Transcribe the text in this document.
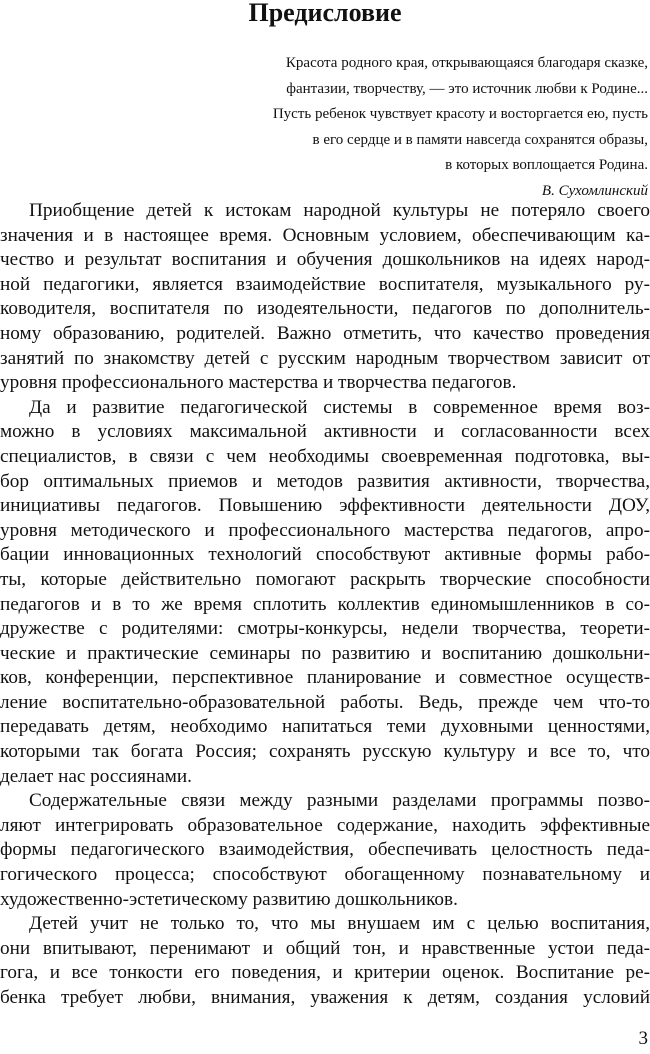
Предисловие
Красота родного края, открывающаяся благодаря сказке,
фантазии, творчеству, — это источник любви к Родине...
Пусть ребенок чувствует красоту и восторгается ею, пусть
в его сердце и в памяти навсегда сохранятся образы,
в которых воплощается Родина.
В. Сухомлинский
Приобщение детей к истокам народной культуры не потеряло своего
значения и в настоящее время. Основным условием, обеспечивающим ка-
чество и результат воспитания и обучения дошкольников на идеях народ-
ной педагогики, является взаимодействие воспитателя, музыкального ру-
ководителя, воспитателя по изодеятельности, педагогов по дополнитель-
ному образованию, родителей. Важно отметить, что качество проведения
занятий по знакомству детей с русским народным творчеством зависит от
уровня профессионального мастерства и творчества педагогов.
Да и развитие педагогической системы в современное время воз-
можно в условиях максимальной активности и согласованности всех
специалистов, в связи с чем необходимы своевременная подготовка, вы-
бор оптимальных приемов и методов развития активности, творчества,
инициативы педагогов. Повышению эффективности деятельности ДОУ,
уровня методического и профессионального мастерства педагогов, апро-
бации инновационных технологий способствуют активные формы рабо-
ты, которые действительно помогают раскрыть творческие способности
педагогов и в то же время сплотить коллектив единомышленников в со-
дружестве с родителями: смотры-конкурсы, недели творчества, теорети-
ческие и практические семинары по развитию и воспитанию дошкольни-
ков, конференции, перспективное планирование и совместное осуществ-
ление воспитательно-образовательной работы. Ведь, прежде чем что-то
передавать детям, необходимо напитаться теми духовными ценностями,
которыми так богата Россия; сохранять русскую культуру и все то, что
делает нас россиянами.
Содержательные связи между разными разделами программы позво-
ляют интегрировать образовательное содержание, находить эффективные
формы педагогического взаимодействия, обеспечивать целостность педа-
гогического процесса; способствуют обогащенному познавательному и
художественно-эстетическому развитию дошкольников.
Детей учит не только то, что мы внушаем им с целью воспитания,
они впитывают, перенимают и общий тон, и нравственные устои педа-
гога, и все тонкости его поведения, и критерии оценок. Воспитание ре-
бенка требует любви, внимания, уважения к детям, создания условий
3
